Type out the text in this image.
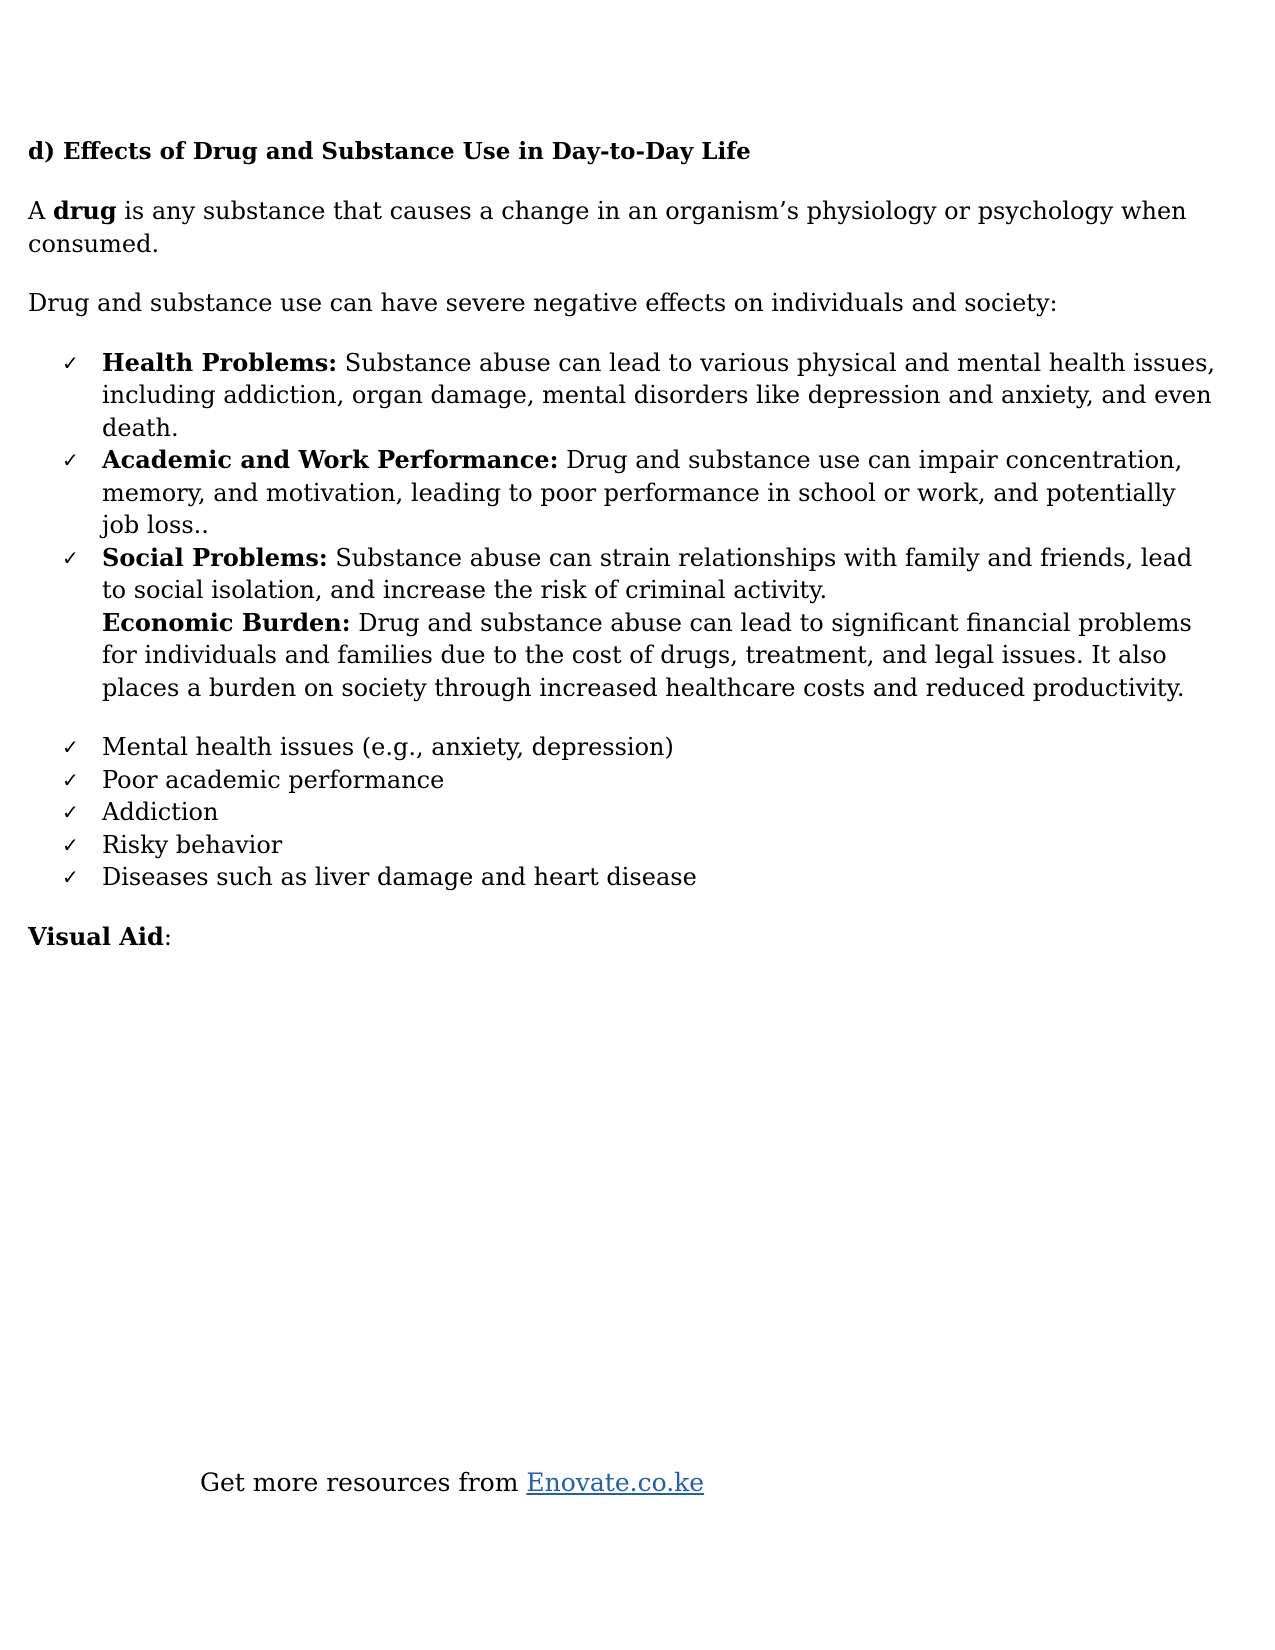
d) Effects of Drug and Substance Use in Day-to-Day Life
A drug is any substance that causes a change in an organism’s physiology or psychology when consumed.
Drug and substance use can have severe negative effects on individuals and society:
✓ Health Problems: Substance abuse can lead to various physical and mental health issues, including addiction, organ damage, mental disorders like depression and anxiety, and even death.
✓ Academic and Work Performance: Drug and substance use can impair concentration, memory, and motivation, leading to poor performance in school or work, and potentially job loss..
✓ Social Problems: Substance abuse can strain relationships with family and friends, lead to social isolation, and increase the risk of criminal activity.
Economic Burden: Drug and substance abuse can lead to significant financial problems for individuals and families due to the cost of drugs, treatment, and legal issues. It also places a burden on society through increased healthcare costs and reduced productivity.
✓ Mental health issues (e.g., anxiety, depression)
✓ Poor academic performance
✓ Addiction
✓ Risky behavior
✓ Diseases such as liver damage and heart disease
Visual Aid:
Get more resources from Enovate.co.ke
